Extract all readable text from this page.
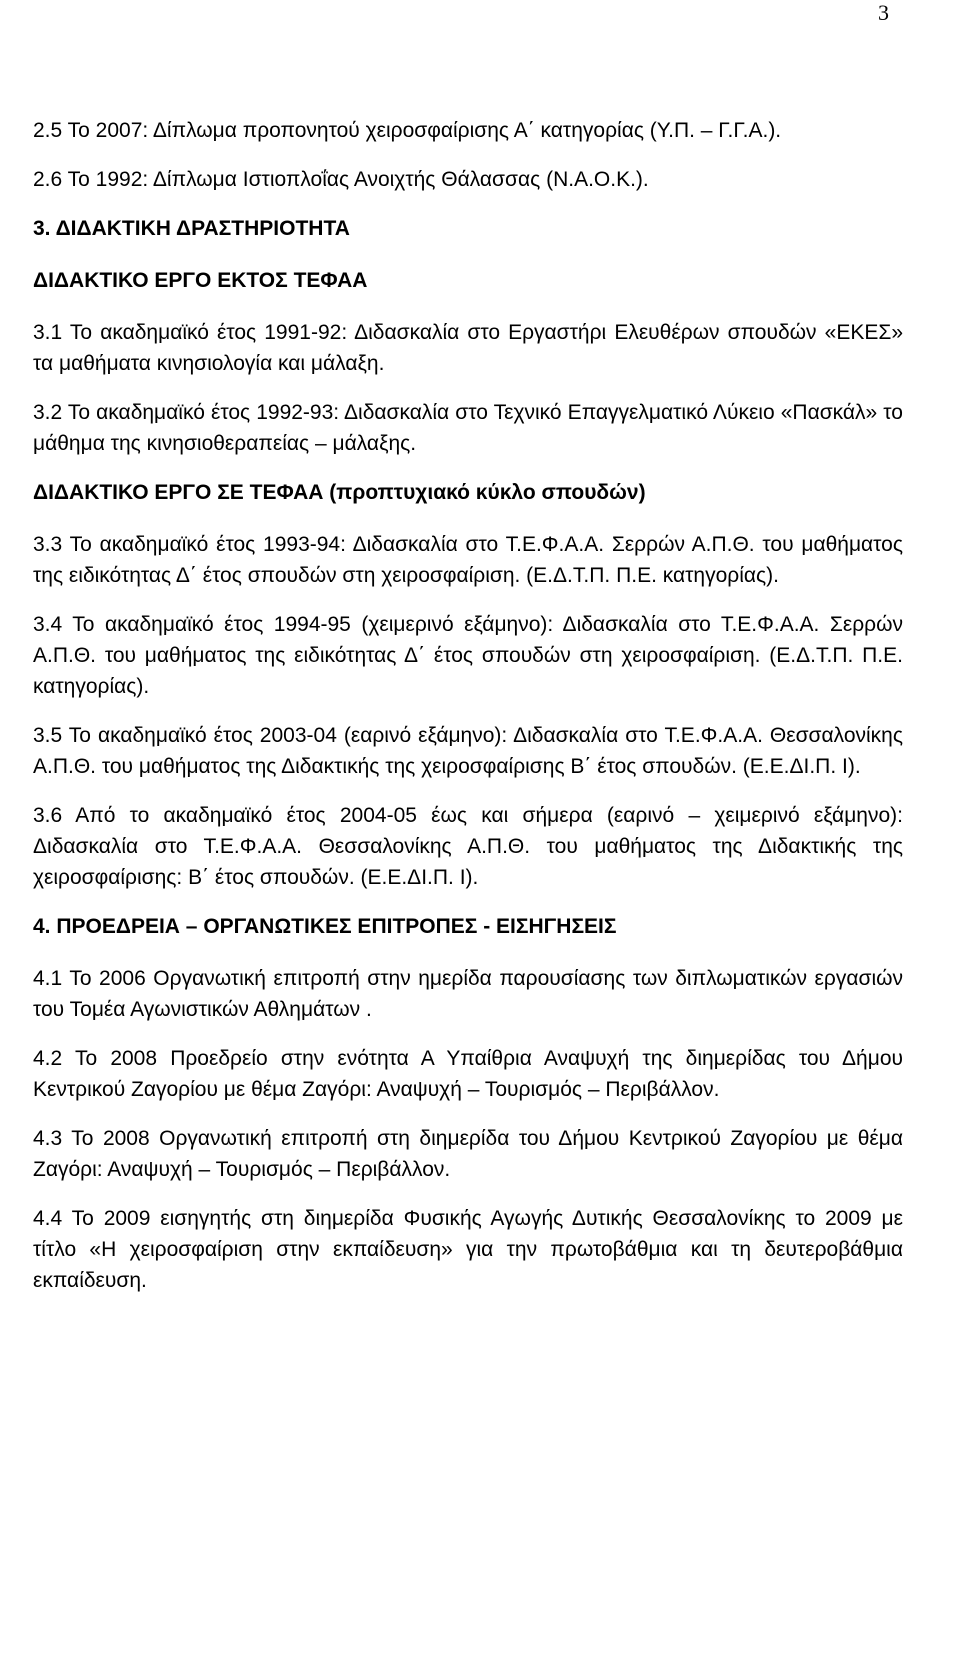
3

2.5 Το 2007: Δίπλωμα προπονητού χειροσφαίρισης Α΄ κατηγορίας (Υ.Π. – Γ.Γ.Α.).

2.6 Το 1992: Δίπλωμα Ιστιοπλοΐας Ανοιχτής Θάλασσας (Ν.Α.Ο.Κ.).

3. ΔΙΔΑΚΤΙΚΗ ΔΡΑΣΤΗΡΙΟΤΗΤΑ

ΔΙΔΑΚΤΙΚΟ ΕΡΓΟ ΕΚΤΟΣ ΤΕΦΑΑ

3.1 Το ακαδημαϊκό έτος 1991-92: Διδασκαλία στο Εργαστήρι Ελευθέρων σπουδών «ΕΚΕΣ» τα μαθήματα κινησιολογία και μάλαξη.

3.2 Το ακαδημαϊκό έτος 1992-93: Διδασκαλία στο Τεχνικό Επαγγελματικό Λύκειο «Πασκάλ» το μάθημα της κινησιοθεραπείας – μάλαξης.

ΔΙΔΑΚΤΙΚΟ ΕΡΓΟ ΣΕ ΤΕΦΑΑ (προπτυχιακό κύκλο σπουδών)

3.3 Το ακαδημαϊκό έτος 1993-94: Διδασκαλία στο Τ.Ε.Φ.Α.Α. Σερρών Α.Π.Θ. του μαθήματος της ειδικότητας Δ΄ έτος σπουδών στη χειροσφαίριση. (Ε.Δ.Τ.Π. Π.Ε. κατηγορίας).

3.4 Το ακαδημαϊκό έτος 1994-95 (χειμερινό εξάμηνο): Διδασκαλία στο Τ.Ε.Φ.Α.Α. Σερρών Α.Π.Θ. του μαθήματος της ειδικότητας Δ΄ έτος σπουδών στη χειροσφαίριση. (Ε.Δ.Τ.Π. Π.Ε. κατηγορίας).

3.5 Το ακαδημαϊκό έτος 2003-04 (εαρινό εξάμηνο): Διδασκαλία στο Τ.Ε.Φ.Α.Α. Θεσσαλονίκης Α.Π.Θ. του μαθήματος της Διδακτικής της χειροσφαίρισης Β΄ έτος σπουδών. (Ε.Ε.ΔΙ.Π. Ι).

3.6 Από το ακαδημαϊκό έτος 2004-05 έως και σήμερα (εαρινό – χειμερινό εξάμηνο): Διδασκαλία στο Τ.Ε.Φ.Α.Α. Θεσσαλονίκης Α.Π.Θ. του μαθήματος της Διδακτικής της χειροσφαίρισης: Β΄ έτος σπουδών. (Ε.Ε.ΔΙ.Π. Ι).

4. ΠΡΟΕΔΡΕΙΑ – ΟΡΓΑΝΩΤΙΚΕΣ ΕΠΙΤΡΟΠΕΣ - ΕΙΣΗΓΗΣΕΙΣ

4.1 Το 2006 Οργανωτική επιτροπή στην ημερίδα παρουσίασης των διπλωματικών εργασιών του Τομέα Αγωνιστικών Αθλημάτων .

4.2 Το 2008 Προεδρείο στην ενότητα Α Υπαίθρια Αναψυχή της διημερίδας του Δήμου Κεντρικού Ζαγορίου με θέμα Ζαγόρι: Αναψυχή – Τουρισμός – Περιβάλλον.

4.3 Το 2008 Οργανωτική επιτροπή στη διημερίδα του Δήμου Κεντρικού Ζαγορίου με θέμα Ζαγόρι: Αναψυχή – Τουρισμός – Περιβάλλον.

4.4 Το 2009 εισηγητής στη διημερίδα Φυσικής Αγωγής Δυτικής Θεσσαλονίκης το 2009 με τίτλο «Η χειροσφαίριση στην εκπαίδευση» για την πρωτοβάθμια και τη δευτεροβάθμια εκπαίδευση.
